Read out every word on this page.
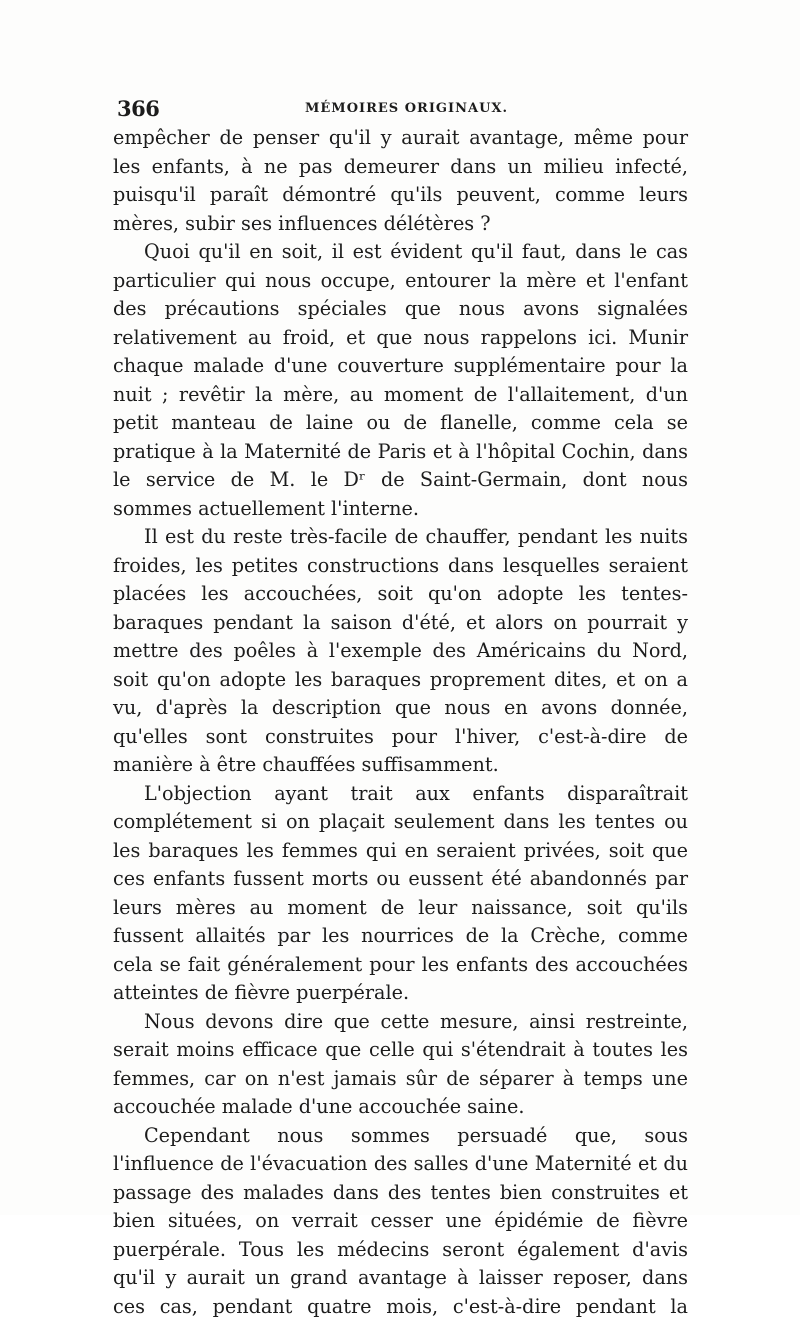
366	MÉMOIRES ORIGINAUX.

empêcher de penser qu'il y aurait avantage, même pour les enfants, à ne pas demeurer dans un milieu infecté, puisqu'il paraît démontré qu'ils peuvent, comme leurs mères, subir ses influences délétères ?

Quoi qu'il en soit, il est évident qu'il faut, dans le cas particulier qui nous occupe, entourer la mère et l'enfant des précautions spéciales que nous avons signalées relativement au froid, et que nous rappelons ici. Munir chaque malade d'une couverture supplémentaire pour la nuit ; revêtir la mère, au moment de l'allaitement, d'un petit manteau de laine ou de flanelle, comme cela se pratique à la Maternité de Paris et à l'hôpital Cochin, dans le service de M. le Dʳ de Saint-Germain, dont nous sommes actuellement l'interne.

Il est du reste très-facile de chauffer, pendant les nuits froides, les petites constructions dans lesquelles seraient placées les accouchées, soit qu'on adopte les tentes-baraques pendant la saison d'été, et alors on pourrait y mettre des poêles à l'exemple des Américains du Nord, soit qu'on adopte les baraques proprement dites, et on a vu, d'après la description que nous en avons donnée, qu'elles sont construites pour l'hiver, c'est-à-dire de manière à être chauffées suffisamment.

L'objection ayant trait aux enfants disparaîtrait complétement si on plaçait seulement dans les tentes ou les baraques les femmes qui en seraient privées, soit que ces enfants fussent morts ou eussent été abandonnés par leurs mères au moment de leur naissance, soit qu'ils fussent allaités par les nourrices de la Crèche, comme cela se fait généralement pour les enfants des accouchées atteintes de fièvre puerpérale.

Nous devons dire que cette mesure, ainsi restreinte, serait moins efficace que celle qui s'étendrait à toutes les femmes, car on n'est jamais sûr de séparer à temps une accouchée malade d'une accouchée saine.

Cependant nous sommes persuadé que, sous l'influence de l'évacuation des salles d'une Maternité et du passage des malades dans des tentes bien construites et bien situées, on verrait cesser une épidémie de fièvre puerpérale. Tous les médecins seront également d'avis qu'il y aurait un grand avantage à laisser reposer, dans ces cas, pendant quatre mois, c'est-à-dire pendant la
